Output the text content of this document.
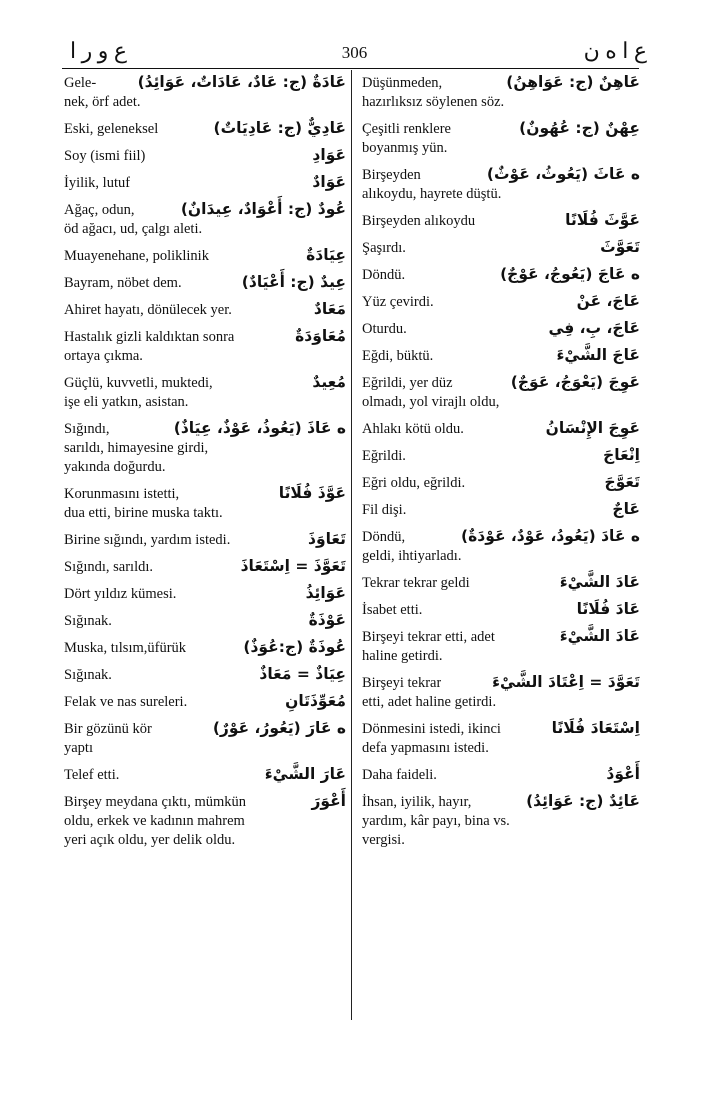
ع و ر ا	306	ع ا ه ن
Gele-	عَادَةٌ (ج: عَادٌ، عَادَاتٌ، عَوَائِدُ)
nek, örf adet.
Eski, geleneksel	عَادِيٌّ (ج: عَادِيَاتٌ)
Soy (ismi fiil)	عَوَادِ
İyilik, lutuf	عَوَادٌ
Ağaç, odun,	عُودٌ (ج: أَعْوَادٌ، عِيدَانٌ)
öd ağacı, ud, çalgı aleti.
Muayenehane, poliklinik	عِيَادَةٌ
Bayram, nöbet dem.	عِيدٌ (ج: أَعْيَادٌ)
Ahiret hayatı, dönülecek yer.	مَعَادٌ
Hastalık gizli kaldıktan sonra	مُعَاوَدَةٌ
ortaya çıkma.
Güçlü, kuvvetli, muktedi,	مُعِيدٌ
işe eli yatkın, asistan.
Sığındı,	ه عَاذَ (يَعُوذُ، عَوْذٌ، عِيَاذٌ)
sarıldı, himayesine girdi,
yakında doğurdu.
Korunmasını istetti,	عَوَّذَ فُلَانًا
dua etti, birine muska taktı.
Birine sığındı, yardım istedi.	تَعَاوَذَ
Sığındı, sarıldı.	تَعَوَّذَ = اِسْتَعَاذَ
Dört yıldız kümesi.	عَوَائِذُ
Sığınak.	عَوْذَةٌ
Muska, tılsım,üfürük	عُوذَةٌ (ج:عُوَذٌ)
Sığınak.	عِيَاذٌ = مَعَاذٌ
Felak ve nas sureleri.	مُعَوِّذَتَانِ
Bir gözünü kör	ه عَارَ (يَعُورُ، عَوْرٌ)
yaptı
Telef etti.	عَارَ الشَّيْءَ
Birşey meydana çıktı, mümkün	أَعْوَرَ
oldu, erkek ve kadının mahrem
yeri açık oldu, yer delik oldu.
Düşünmeden,	عَاهِنٌ (ج: عَوَاهِنُ)
hazırlıksız söylenen söz.
Çeşitli renklere	عِهْنٌ (ج: عُهُونٌ)
boyanmış yün.
Birşeyden	ه عَاثَ (يَعُوثُ، عَوْثٌ)
alıkoydu, hayrete düştü.
Birşeyden alıkoydu	عَوَّثَ فُلَانًا
Şaşırdı.	تَعَوَّثَ
Döndü.	ه عَاجَ (يَعُوجُ، عَوْجٌ)
Yüz çevirdi.	عَاجَ، عَنْ
Oturdu.	عَاجَ، بِ، فِي
Eğdi, büktü.	عَاجَ الشَّيْءَ
Eğrildi, yer düz	عَوِجَ (يَعْوَجُ، عَوَجٌ)
olmadı, yol virajlı oldu,
Ahlakı kötü oldu.	عَوِجَ الإِنْسَانُ
Eğrildi.	اِنْعَاجَ
Eğri oldu, eğrildi.	تَعَوَّجَ
Fil dişi.	عَاجٌ
Döndü,	ه عَادَ (يَعُودُ، عَوْدٌ، عَوْدَةٌ)
geldi, ihtiyarladı.
Tekrar tekrar geldi	عَادَ الشَّيْءَ
İsabet etti.	عَادَ فُلَانًا
Birşeyi tekrar etti, adet	عَادَ الشَّيْءَ
haline getirdi.
Birşeyi tekrar	تَعَوَّدَ = اِعْتَادَ الشَّيْءَ
etti, adet haline getirdi.
Dönmesini istedi, ikinci	اِسْتَعَادَ فُلَانًا
defa yapmasını istedi.
Daha faideli.	أَعْوَدُ
İhsan, iyilik, hayır,	عَائِدٌ (ج: عَوَائِدُ)
yardım, kâr payı, bina vs.
vergisi.
